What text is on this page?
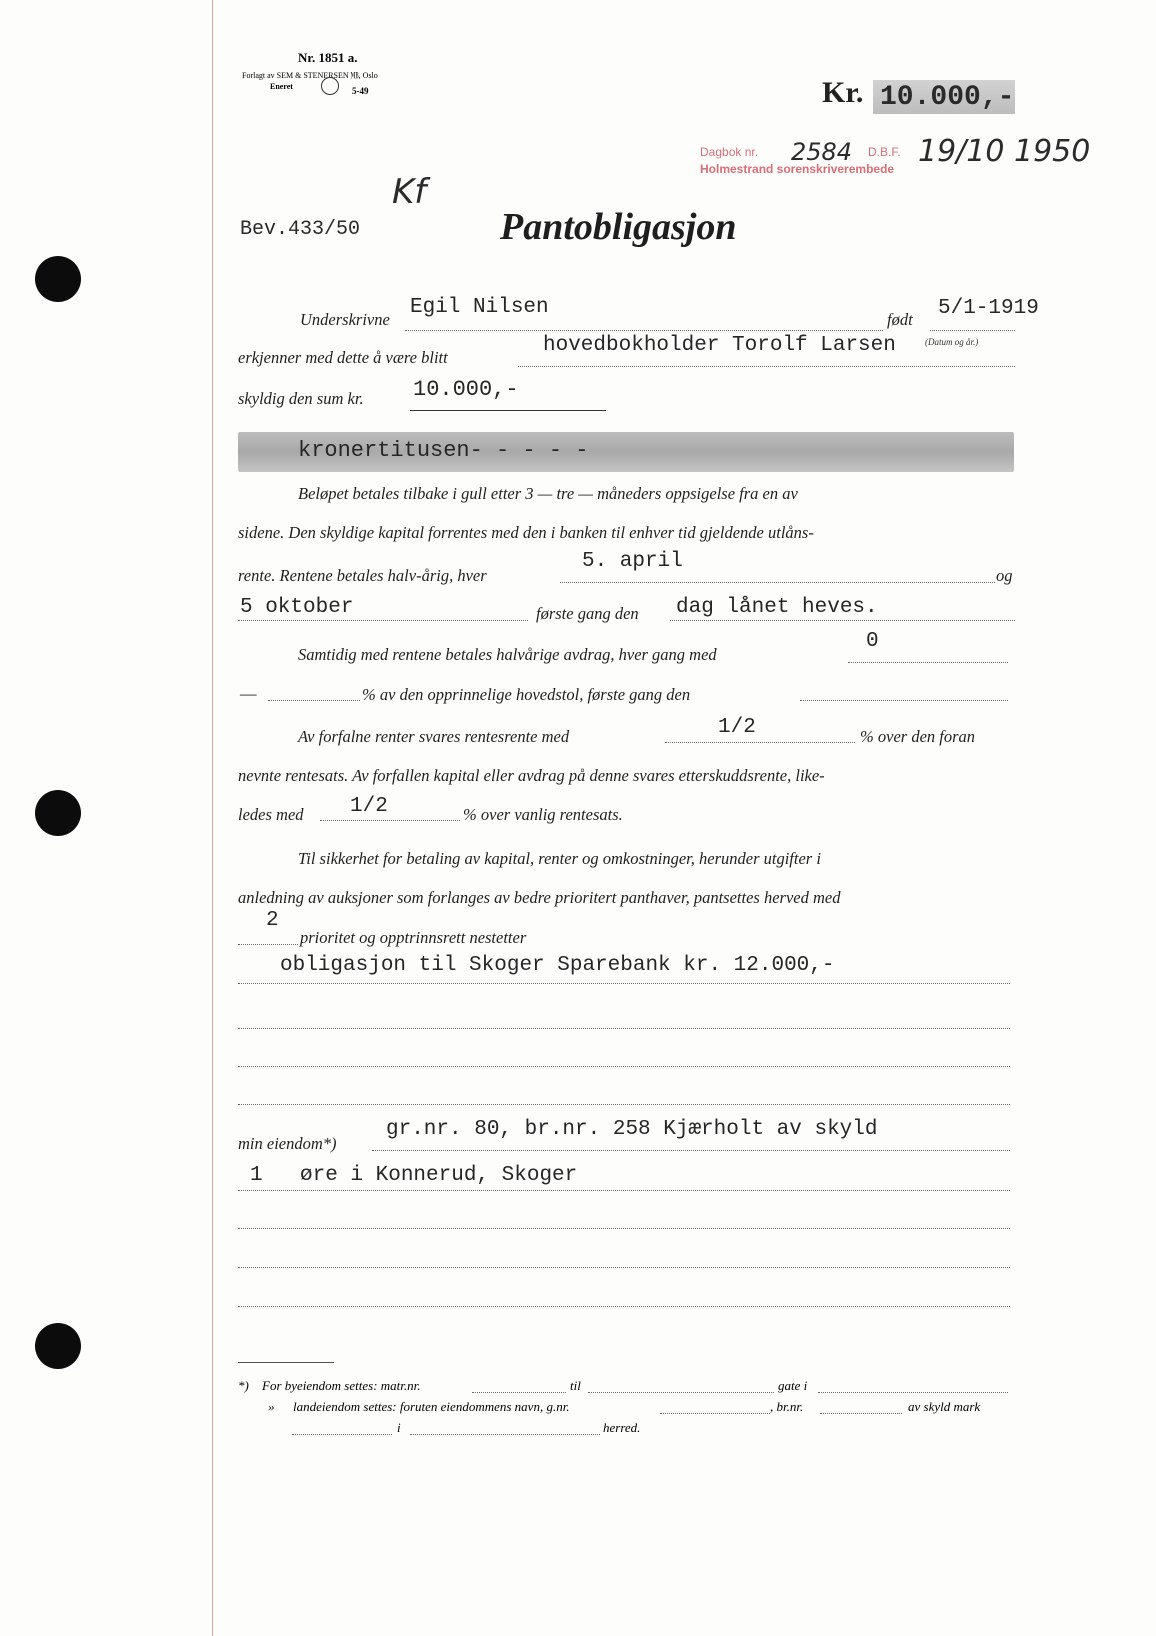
Nr. 1851 a.
Forlagt av SEM & STENERSEN ㎆, Oslo
Eneret	5-49	Kr. 10.000,-
Dagbok nr. 2584 D.B.F. 19/10 1950
Holmestrand sorenskriverembede
Kf
Bev.433/50	Pantobligasjon
Underskrivne
Egil Nilsen
født 5/1-1919
erkjenner med dette å være blitt
hovedbokholder Torolf Larsen	(Datum og år.)
skyldig den sum kr. 10.000,-
kronertitusen- - - - -
Beløpet betales tilbake i gull etter 3 — tre — måneders oppsigelse fra en av
sidene. Den skyldige kapital forrentes med den i banken til enhver tid gjeldende utlåns-
rente. Rentene betales halv-årig, hver
5. april
og
5 oktober	første gang den dag lånet heves.
Samtidig med rentene betales halvårige avdrag, hver gang med
0
—	% av den opprinnelige hovedstol, første gang den
Av forfalne renter svares rentesrente med	1/2	% over den foran
nevnte rentesats. Av forfallen kapital eller avdrag på denne svares etterskuddsrente, like-
ledes med 1/2	% over vanlig rentesats.
Til sikkerhet for betaling av kapital, renter og omkostninger, herunder utgifter i
anledning av auksjoner som forlanges av bedre prioritert panthaver, pantsettes herved med
2
prioritet og opptrinnsrett nestetter
obligasjon til Skoger Sparebank kr. 12.000,-
min eiendom*)
gr.nr. 80, br.nr. 258 Kjærholt av skyld
1 øre i Konnerud, Skoger
*) For byeiendom settes: matr.nr.	til	gate i
» landeiendom settes: foruten eiendommens navn, g.nr.	, br.nr.	av skyld mark
i	herred.
